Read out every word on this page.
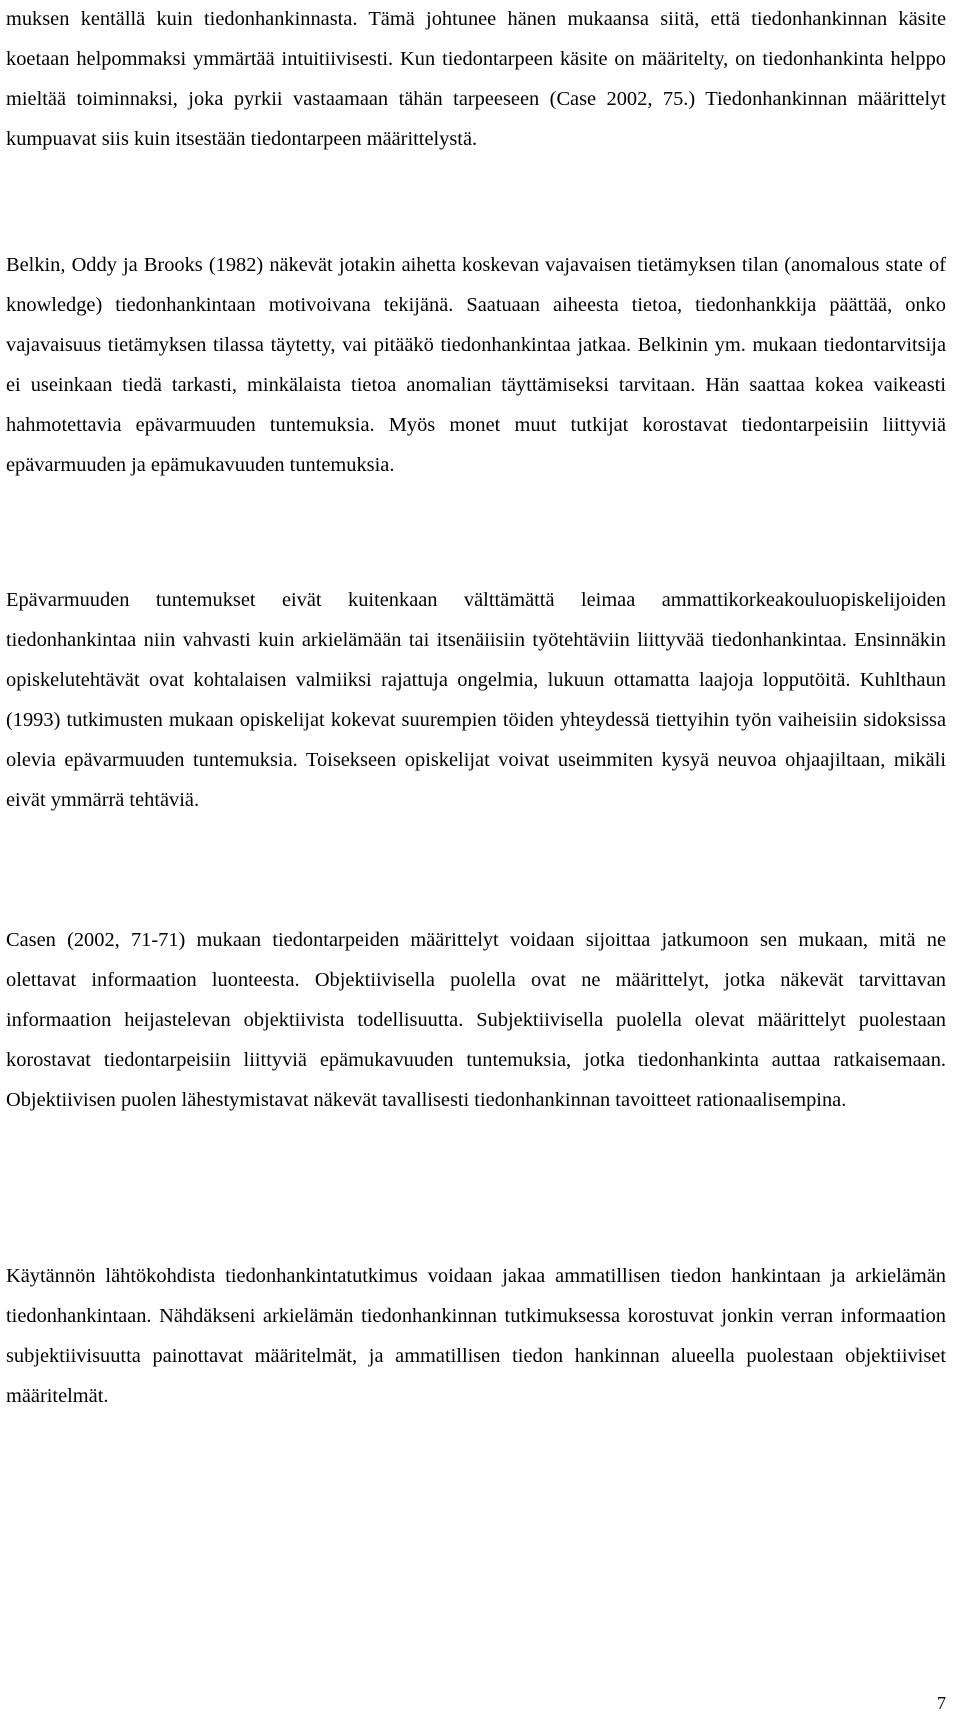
muksen kentällä kuin tiedonhankinnasta. Tämä johtunee hänen mukaansa siitä, että tiedonhankinnan käsite koetaan helpommaksi ymmärtää intuitiivisesti. Kun tiedontarpeen käsite on määritelty, on tiedonhankinta helppo mieltää toiminnaksi, joka pyrkii vastaamaan tähän tarpeeseen (Case 2002, 75.) Tiedonhankinnan määrittelyt kumpuavat siis kuin itsestään tiedontarpeen määrittelystä.

Belkin, Oddy ja Brooks (1982) näkevät jotakin aihetta koskevan vajavaisen tietämyksen tilan (anomalous state of knowledge) tiedonhankintaan motivoivana tekijänä. Saatuaan aiheesta tietoa, tiedonhankkija päättää, onko vajavaisuus tietämyksen tilassa täytetty, vai pitääkö tiedonhankintaa jatkaa. Belkinin ym. mukaan tiedontarvitsija ei useinkaan tiedä tarkasti, minkälaista tietoa anomalian täyttämiseksi tarvitaan. Hän saattaa kokea vaikeasti hahmotettavia epävarmuuden tuntemuksia. Myös monet muut tutkijat korostavat tiedontarpeisiin liittyviä epävarmuuden ja epämukavuuden tuntemuksia.

Epävarmuuden tuntemukset eivät kuitenkaan välttämättä leimaa ammattikorkeakouluopiskelijoiden tiedonhankintaa niin vahvasti kuin arkielämään tai itsenäiisiin työtehtäviin liittyvää tiedonhankintaa. Ensinnäkin opiskelutehtävät ovat kohtalaisen valmiiksi rajattuja ongelmia, lukuun ottamatta laajoja lopputöitä. Kuhlthaun (1993) tutkimusten mukaan opiskelijat kokevat suurempien töiden yhteydessä tiettyihin työn vaiheisiin sidoksissa olevia epävarmuuden tuntemuksia. Toisekseen opiskelijat voivat useimmiten kysyä neuvoa ohjaajiltaan, mikäli eivät ymmärrä tehtäviä.

Casen (2002, 71-71) mukaan tiedontarpeiden määrittelyt voidaan sijoittaa jatkumoon sen mukaan, mitä ne olettavat informaation luonteesta. Objektiivisella puolella ovat ne määrittelyt, jotka näkevät tarvittavan informaation heijastelevan objektiivista todellisuutta. Subjektiivisella puolella olevat määrittelyt puolestaan korostavat tiedontarpeisiin liittyviä epämukavuuden tuntemuksia, jotka tiedonhankinta auttaa ratkaisemaan. Objektiivisen puolen lähestymistavat näkevät tavallisesti tiedonhankinnan tavoitteet rationaalisempina.

Käytännön lähtökohdista tiedonhankintatutkimus voidaan jakaa ammatillisen tiedon hankintaan ja arkielämän tiedonhankintaan. Nähdäkseni arkielämän tiedonhankinnan tutkimuksessa korostuvat jonkin verran informaation subjektiivisuutta painottavat määritelmät, ja ammatillisen tiedon hankinnan alueella puolestaan objektiiviset määritelmät.

7
